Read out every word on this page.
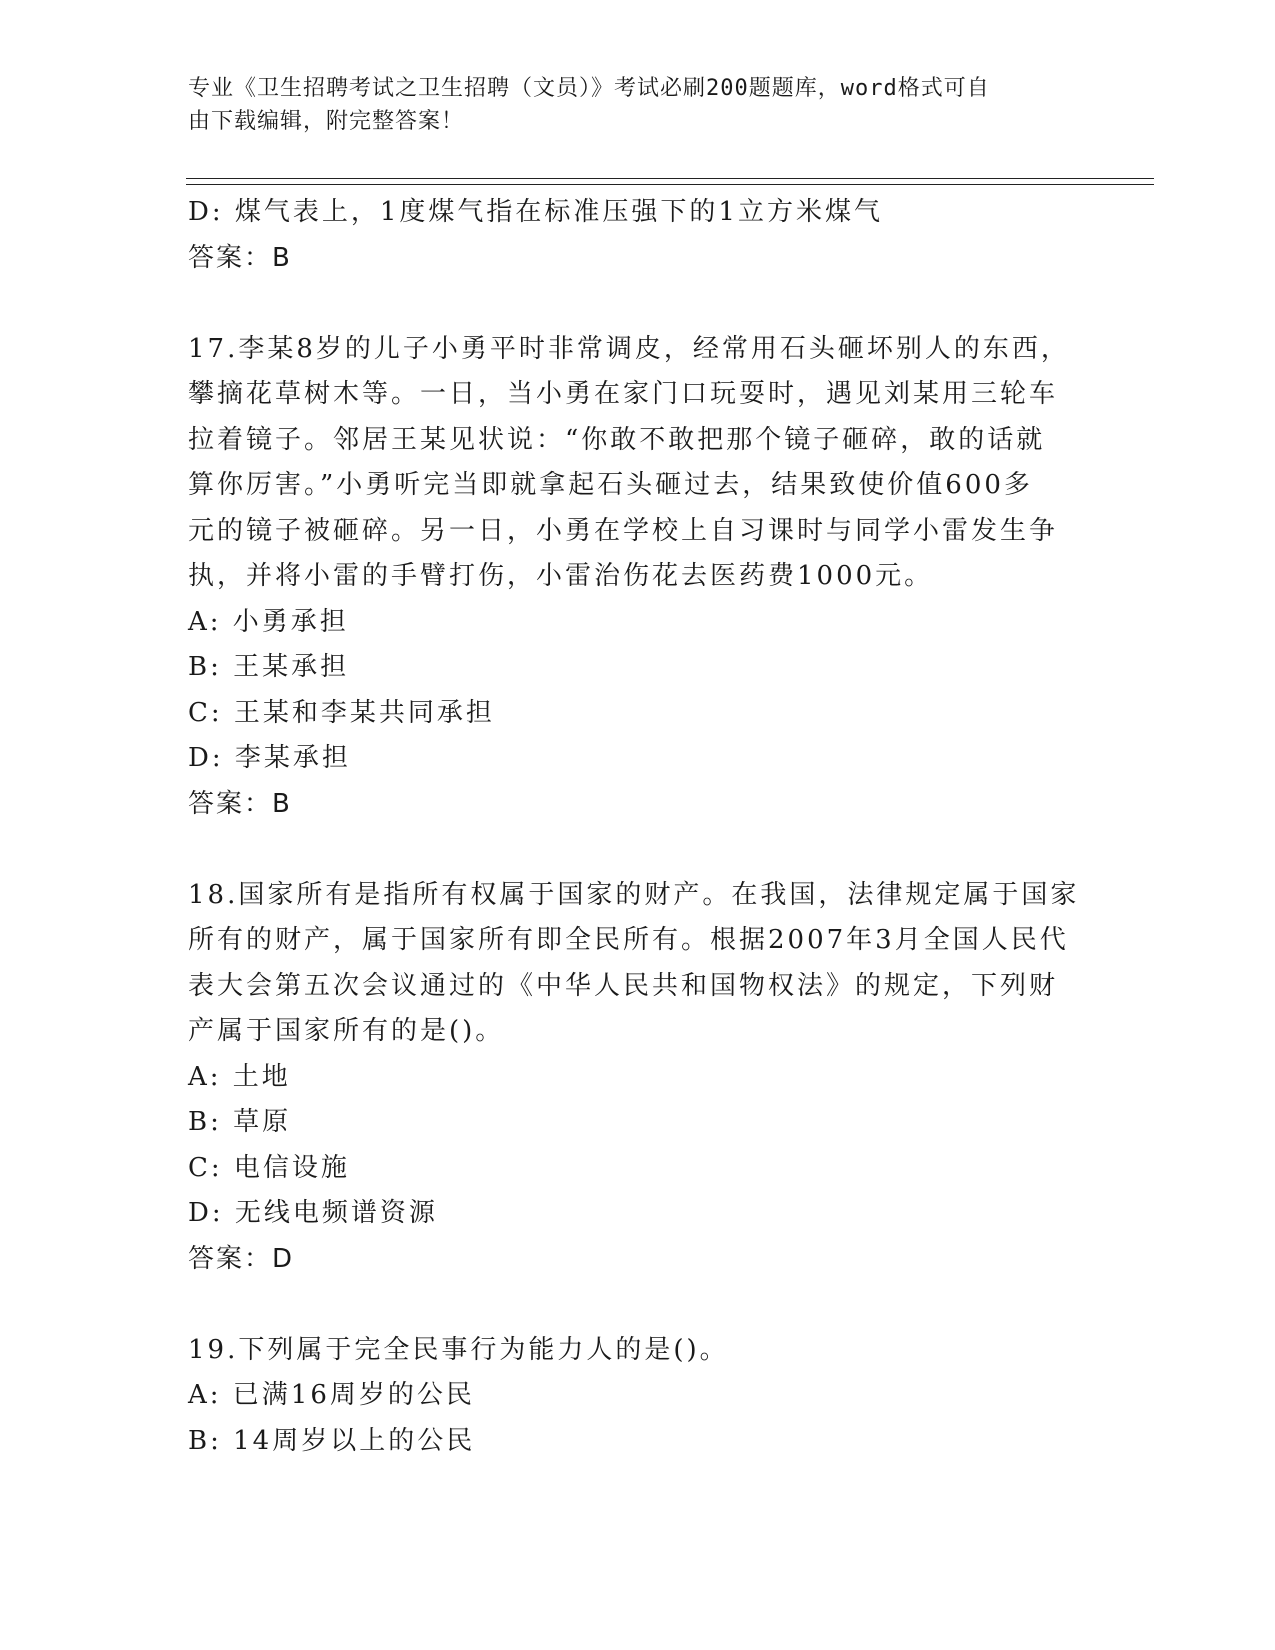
专业《卫生招聘考试之卫生招聘（文员）》考试必刷200题题库，word格式可自
由下载编辑，附完整答案！
D: 煤气表上，1度煤气指在标准压强下的1立方米煤气
答案：B
17.李某8岁的儿子小勇平时非常调皮，经常用石头砸坏别人的东西，
攀摘花草树木等。一日，当小勇在家门口玩耍时，遇见刘某用三轮车
拉着镜子。邻居王某见状说：“你敢不敢把那个镜子砸碎，敢的话就
算你厉害。”小勇听完当即就拿起石头砸过去，结果致使价值600多
元的镜子被砸碎。另一日，小勇在学校上自习课时与同学小雷发生争
执，并将小雷的手臂打伤，小雷治伤花去医药费1000元。
A: 小勇承担
B: 王某承担
C: 王某和李某共同承担
D: 李某承担
答案：B
18.国家所有是指所有权属于国家的财产。在我国，法律规定属于国家
所有的财产，属于国家所有即全民所有。根据2007年3月全国人民代
表大会第五次会议通过的《中华人民共和国物权法》的规定，下列财
产属于国家所有的是()。
A: 土地
B: 草原
C: 电信设施
D: 无线电频谱资源
答案：D
19.下列属于完全民事行为能力人的是()。
A: 已满16周岁的公民
B: 14周岁以上的公民
